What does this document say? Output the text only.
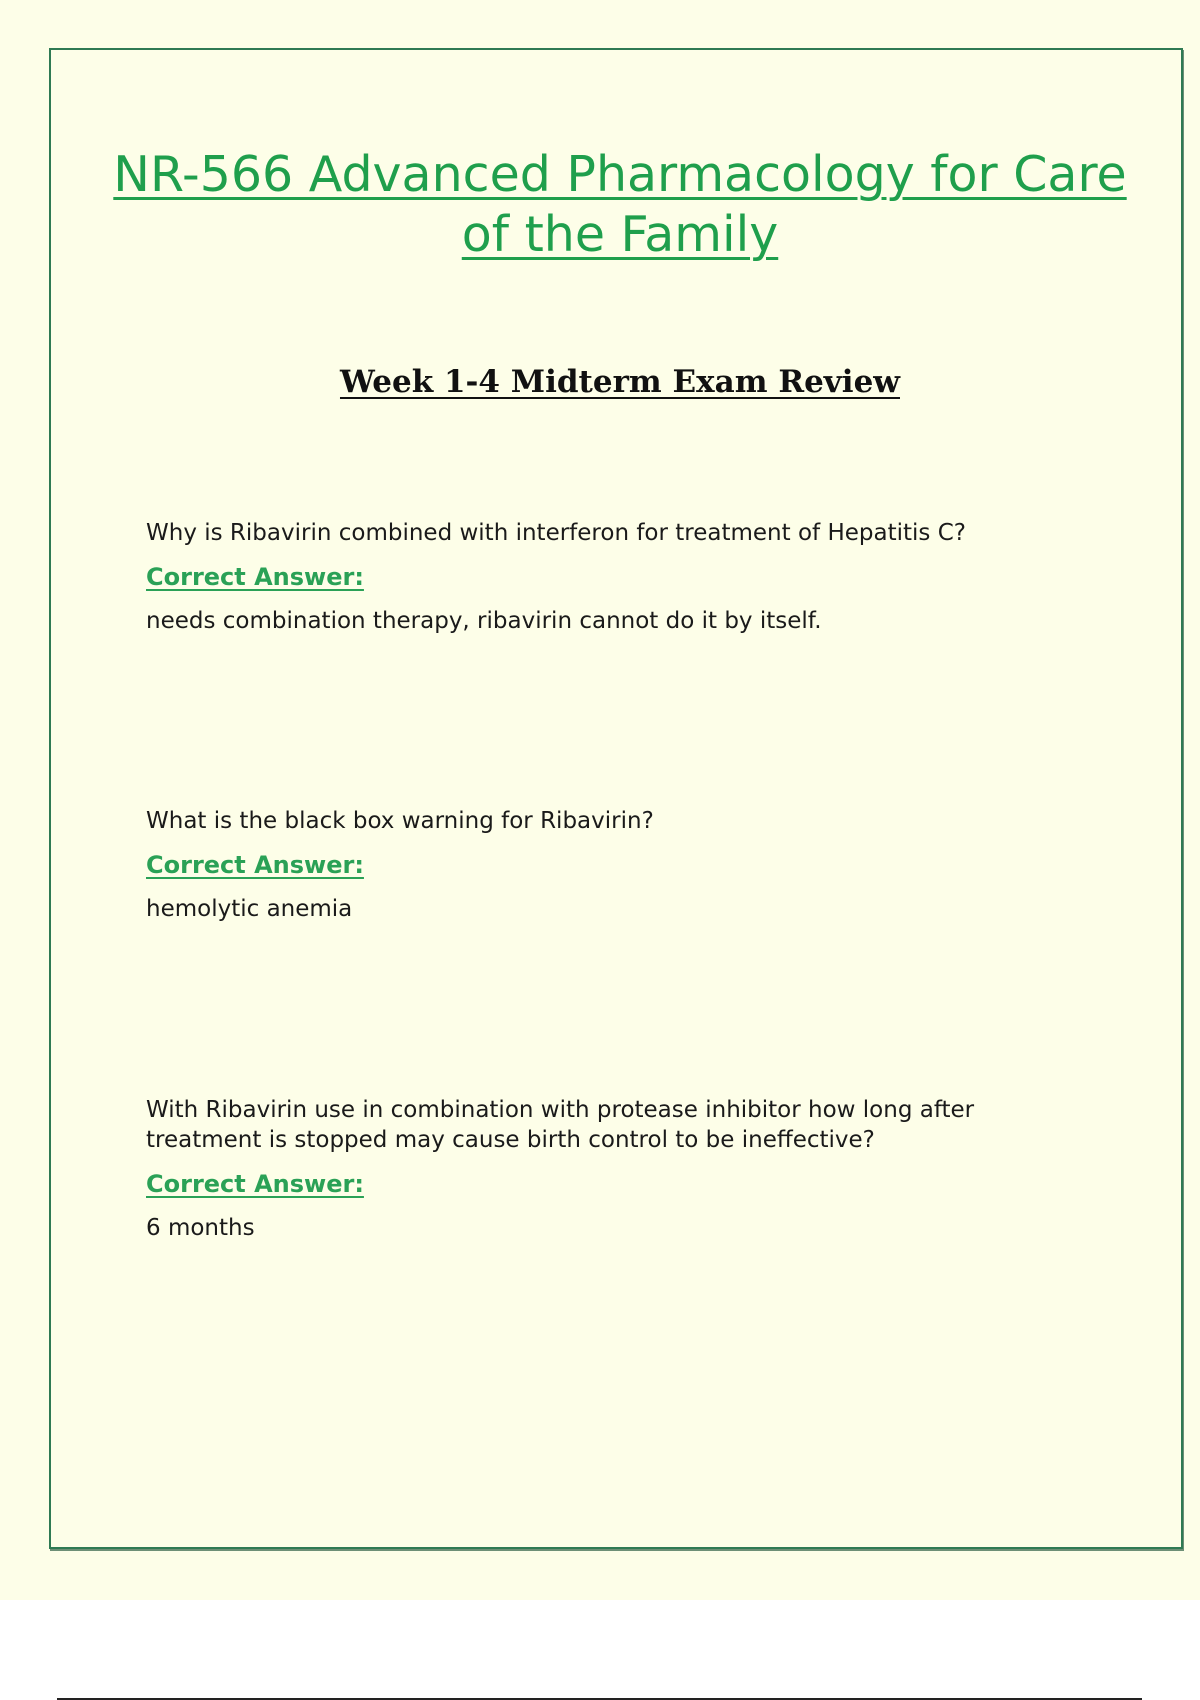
NR-566 Advanced Pharmacology for Care of the Family
Week 1-4 Midterm Exam Review

Why is Ribavirin combined with interferon for treatment of Hepatitis C?

Correct Answer:

needs combination therapy, ribavirin cannot do it by itself.

What is the black box warning for Ribavirin?

Correct Answer:

hemolytic anemia

With Ribavirin use in combination with protease inhibitor how long after treatment is stopped may cause birth control to be ineffective?

Correct Answer:

6 months
